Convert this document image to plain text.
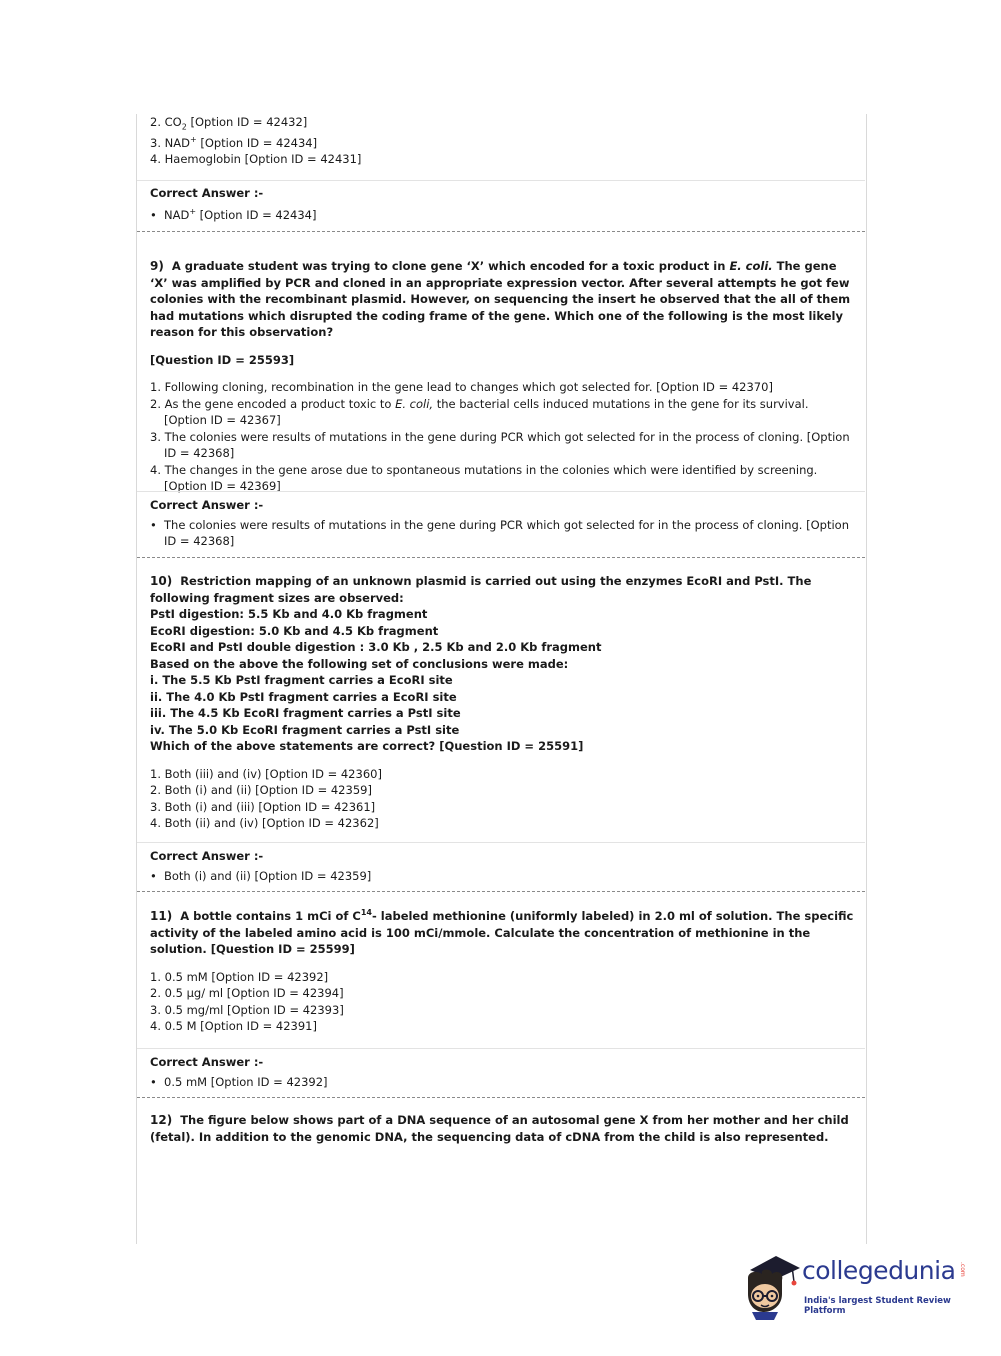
2. $CO_2$ [Option ID = 42432]
3. NAD+ [Option ID = 42434]
4. Haemoglobin [Option ID = 42431]
Correct Answer :-
• NAD+ [Option ID = 42434]
9) A graduate student was trying to clone gene ‘X’ which encoded for a toxic product in E. coli. The gene ‘X’ was amplified by PCR and cloned in an appropriate expression vector. After several attempts he got few colonies with the recombinant plasmid. However, on sequencing the insert he observed that the all of them had mutations which disrupted the coding frame of the gene. Which one of the following is the most likely reason for this observation?
[Question ID = 25593]
1. Following cloning, recombination in the gene lead to changes which got selected for. [Option ID = 42370]
2. As the gene encoded a product toxic to E. coli, the bacterial cells induced mutations in the gene for its survival. [Option ID = 42367]
3. The colonies were results of mutations in the gene during PCR which got selected for in the process of cloning. [Option ID = 42368]
4. The changes in the gene arose due to spontaneous mutations in the colonies which were identified by screening. [Option ID = 42369]
Correct Answer :-
• The colonies were results of mutations in the gene during PCR which got selected for in the process of cloning. [Option ID = 42368]
10) Restriction mapping of an unknown plasmid is carried out using the enzymes EcoRI and PstI. The following fragment sizes are observed:
PstI digestion: 5.5 Kb and 4.0 Kb fragment
EcoRI digestion: 5.0 Kb and 4.5 Kb fragment
EcoRI and PstI double digestion : 3.0 Kb , 2.5 Kb and 2.0 Kb fragment
Based on the above the following set of conclusions were made:
i. The 5.5 Kb PstI fragment carries a EcoRI site
ii. The 4.0 Kb PstI fragment carries a EcoRI site
iii. The 4.5 Kb EcoRI fragment carries a PstI site
iv. The 5.0 Kb EcoRI fragment carries a PstI site
Which of the above statements are correct? [Question ID = 25591]
1. Both (iii) and (iv) [Option ID = 42360]
2. Both (i) and (ii) [Option ID = 42359]
3. Both (i) and (iii) [Option ID = 42361]
4. Both (ii) and (iv) [Option ID = 42362]
Correct Answer :-
• Both (i) and (ii) [Option ID = 42359]
11) A bottle contains 1 mCi of $C^{14}-$ labeled methionine (uniformly labeled) in 2.0 ml of solution. The specific activity of the labeled amino acid is 100 mCi/mmole. Calculate the concentration of methionine in the solution. [Question ID = 25599]
1. 0.5 mM [Option ID = 42392]
2. 0.5 µg/ ml [Option ID = 42394]
3. 0.5 mg/ml [Option ID = 42393]
4. 0.5 M [Option ID = 42391]
Correct Answer :-
• 0.5 mM [Option ID = 42392]
12) The figure below shows part of a DNA sequence of an autosomal gene X from her mother and her child (fetal). In addition to the genomic DNA, the sequencing data of cDNA from the child is also represented.
collegedunia .com
India's largest Student Review Platform
